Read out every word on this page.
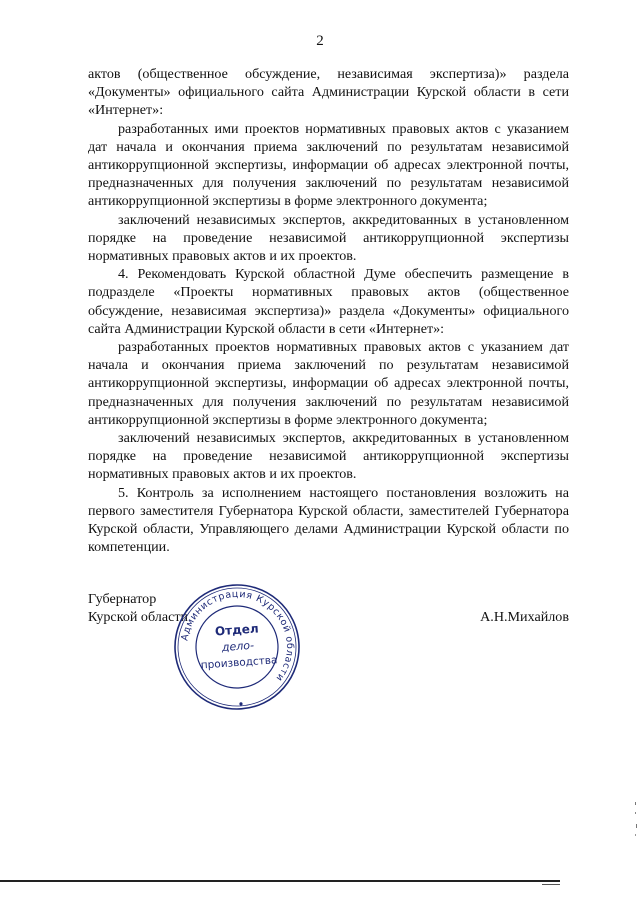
2

актов (общественное обсуждение, независимая экспертиза)» раздела «Документы» официального сайта Администрации Курской области в сети «Интернет»:

разработанных ими проектов нормативных правовых актов с указанием дат начала и окончания приема заключений по результатам независимой антикоррупционной экспертизы, информации об адресах электронной почты, предназначенных для получения заключений по результатам независимой антикоррупционной экспертизы в форме электронного документа;

заключений независимых экспертов, аккредитованных в установленном порядке на проведение независимой антикоррупционной экспертизы нормативных правовых актов и их проектов.

4. Рекомендовать Курской областной Думе обеспечить размещение в подразделе «Проекты нормативных правовых актов (общественное обсуждение, независимая экспертиза)» раздела «Документы» официального сайта Администрации Курской области в сети «Интернет»:

разработанных проектов нормативных правовых актов с указанием дат начала и окончания приема заключений по результатам независимой антикоррупционной экспертизы, информации об адресах электронной почты, предназначенных для получения заключений по результатам независимой антикоррупционной экспертизы в форме электронного документа;

заключений независимых экспертов, аккредитованных в установленном порядке на проведение независимой антикоррупционной экспертизы нормативных правовых актов и их проектов.

5. Контроль за исполнением настоящего постановления возложить на первого заместителя Губернатора Курской области, заместителей Губернатора Курской области, Управляющего делами Администрации Курской области по компетенции.

Губернатор
Курской области	А.Н.Михайлов
Администрация Курской области
Отдел
дело-
производства
